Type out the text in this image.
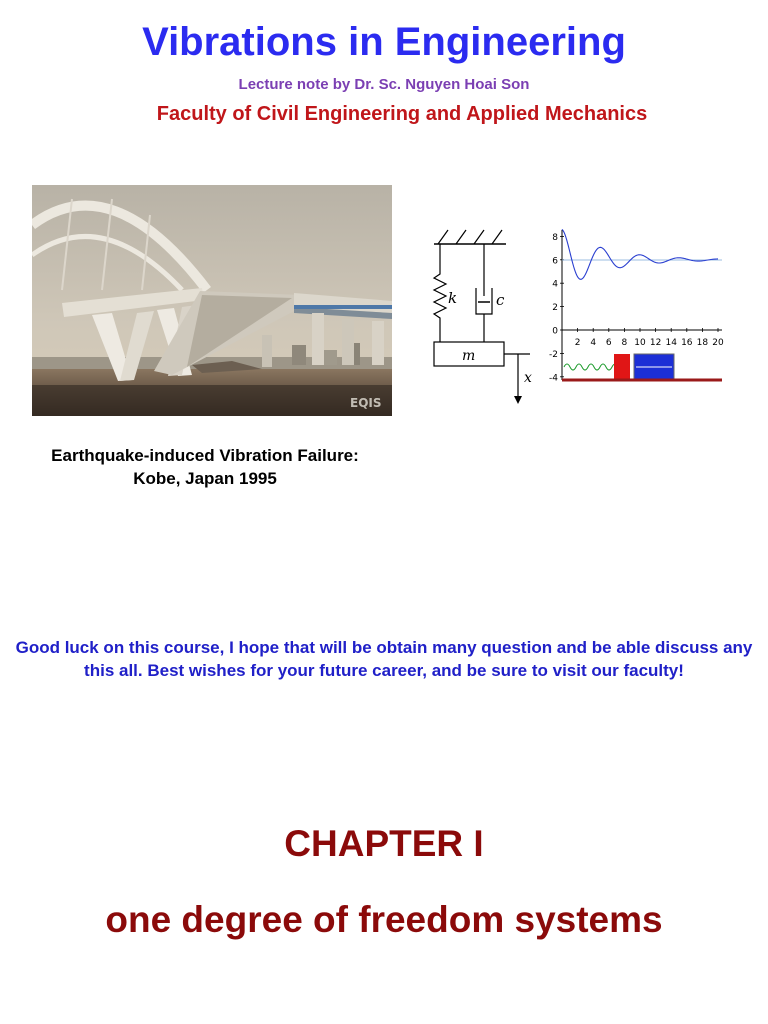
Vibrations in Engineering
Lecture note by Dr. Sc. Nguyen Hoai Son
Faculty of Civil Engineering and Applied Mechanics
EQIS
Earthquake-induced Vibration Failure:
Kobe, Japan 1995
k	c
m
x
8
6
4
2
0
-2
-4
2 4 6 8 10 12 14 16 18 20
Good luck on this course, I hope that will be obtain many question and be able discuss any this all. Best wishes for your future career, and be sure to visit our faculty!
CHAPTER I
one degree of freedom systems
